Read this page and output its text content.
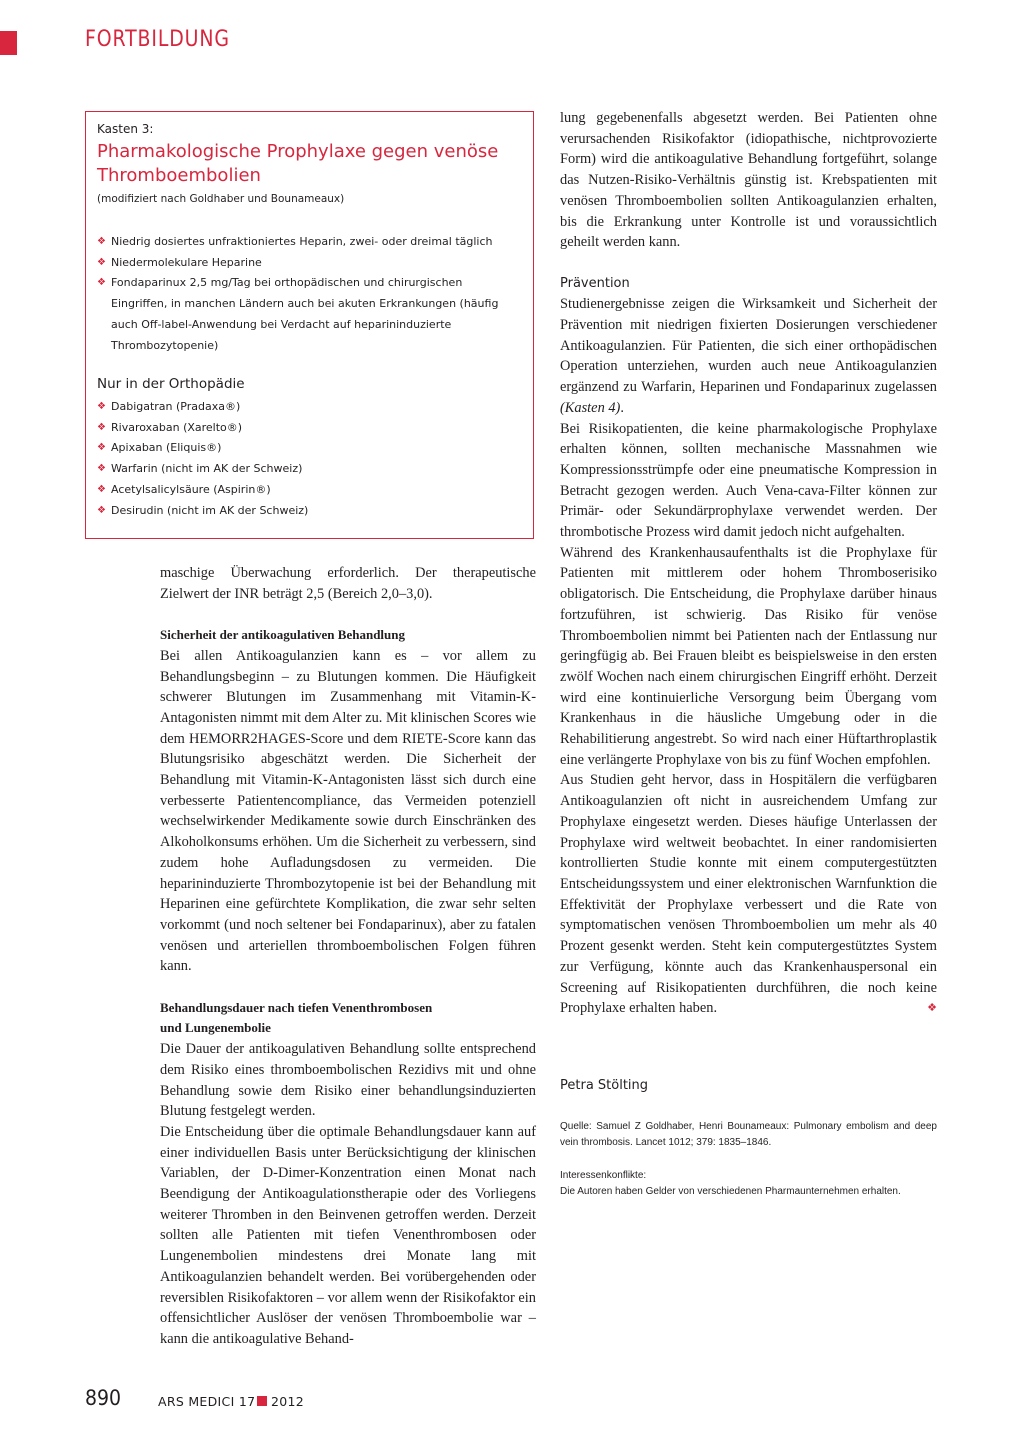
FORTBILDUNG
Kasten 3:
Pharmakologische Prophylaxe gegen venöse Thromboembolien
(modifiziert nach Goldhaber und Bounameaux)
❖ Niedrig dosiertes unfraktioniertes Heparin, zwei- oder dreimal täglich
❖ Niedermolekulare Heparine
❖ Fondaparinux 2,5 mg/Tag bei orthopädischen und chirurgischen Eingriffen, in manchen Ländern auch bei akuten Erkrankungen (häufig auch Off-label-Anwendung bei Verdacht auf heparininduzierte Thrombozytopenie)
Nur in der Orthopädie
❖ Dabigatran (Pradaxa®)
❖ Rivaroxaban (Xarelto®)
❖ Apixaban (Eliquis®)
❖ Warfarin (nicht im AK der Schweiz)
❖ Acetylsalicylsäure (Aspirin®)
❖ Desirudin (nicht im AK der Schweiz)

maschige Überwachung erforderlich. Der therapeutische Zielwert der INR beträgt 2,5 (Bereich 2,0–3,0).

Sicherheit der antikoagulativen Behandlung

Bei allen Antikoagulanzien kann es – vor allem zu Behandlungsbeginn – zu Blutungen kommen. Die Häufigkeit schwerer Blutungen im Zusammenhang mit Vitamin-K-Antagonisten nimmt mit dem Alter zu. Mit klinischen Scores wie dem HEMORR2HAGES-Score und dem RIETE-Score kann das Blutungsrisiko abgeschätzt werden. Die Sicherheit der Behandlung mit Vitamin-K-Antagonisten lässt sich durch eine verbesserte Patientencompliance, das Vermeiden potenziell wechselwirkender Medikamente sowie durch Einschränken des Alkoholkonsums erhöhen. Um die Sicherheit zu verbessern, sind zudem hohe Aufladungsdosen zu vermeiden. Die heparininduzierte Thrombozytopenie ist bei der Behandlung mit Heparinen eine gefürchtete Komplikation, die zwar sehr selten vorkommt (und noch seltener bei Fondaparinux), aber zu fatalen venösen und arteriellen thromboembolischen Folgen führen kann.

Behandlungsdauer nach tiefen Venenthrombosen

und Lungenembolie

Die Dauer der antikoagulativen Behandlung sollte entsprechend dem Risiko eines thromboembolischen Rezidivs mit und ohne Behandlung sowie dem Risiko einer behandlungsinduzierten Blutung festgelegt werden.

Die Entscheidung über die optimale Behandlungsdauer kann auf einer individuellen Basis unter Berücksichtigung der klinischen Variablen, der D-Dimer-Konzentration einen Monat nach Beendigung der Antikoagulationstherapie oder des Vorliegens weiterer Thromben in den Beinvenen getroffen werden. Derzeit sollten alle Patienten mit tiefen Venenthrombosen oder Lungenembolien mindestens drei Monate lang mit Antikoagulanzien behandelt werden. Bei vorübergehenden oder reversiblen Risikofaktoren – vor allem wenn der Risikofaktor ein offensichtlicher Auslöser der venösen Thromboembolie war – kann die antikoagulative Behand-

lung gegebenenfalls abgesetzt werden. Bei Patienten ohne verursachenden Risikofaktor (idiopathische, nichtprovozierte Form) wird die antikoagulative Behandlung fortgeführt, solange das Nutzen-Risiko-Verhältnis günstig ist. Krebspatienten mit venösen Thromboembolien sollten Antikoagulanzien erhalten, bis die Erkrankung unter Kontrolle ist und voraussichtlich geheilt werden kann.

Prävention

Studienergebnisse zeigen die Wirksamkeit und Sicherheit der Prävention mit niedrigen fixierten Dosierungen verschiedener Antikoagulanzien. Für Patienten, die sich einer orthopädischen Operation unterziehen, wurden auch neue Antikoagulanzien ergänzend zu Warfarin, Heparinen und Fondaparinux zugelassen (Kasten 4).

Bei Risikopatienten, die keine pharmakologische Prophylaxe erhalten können, sollten mechanische Massnahmen wie Kompressionsstrümpfe oder eine pneumatische Kompression in Betracht gezogen werden. Auch Vena-cava-Filter können zur Primär- oder Sekundärprophylaxe verwendet werden. Der thrombotische Prozess wird damit jedoch nicht aufgehalten.

Während des Krankenhausaufenthalts ist die Prophylaxe für Patienten mit mittlerem oder hohem Thromboserisiko obligatorisch. Die Entscheidung, die Prophylaxe darüber hinaus fortzuführen, ist schwierig. Das Risiko für venöse Thromboembolien nimmt bei Patienten nach der Entlassung nur geringfügig ab. Bei Frauen bleibt es beispielsweise in den ersten zwölf Wochen nach einem chirurgischen Eingriff erhöht. Derzeit wird eine kontinuierliche Versorgung beim Übergang vom Krankenhaus in die häusliche Umgebung oder in die Rehabilitierung angestrebt. So wird nach einer Hüftarthroplastik eine verlängerte Prophylaxe von bis zu fünf Wochen empfohlen.

Aus Studien geht hervor, dass in Hospitälern die verfügbaren Antikoagulanzien oft nicht in ausreichendem Umfang zur Prophylaxe eingesetzt werden. Dieses häufige Unterlassen der Prophylaxe wird weltweit beobachtet. In einer randomisierten kontrollierten Studie konnte mit einem computergestützten Entscheidungssystem und einer elektronischen Warnfunktion die Effektivität der Prophylaxe verbessert und die Rate von symptomatischen venösen Thromboembolien um mehr als 40 Prozent gesenkt werden. Steht kein computergestütztes System zur Verfügung, könnte auch das Krankenhauspersonal ein Screening auf Risikopatienten durchführen, die noch keine Prophylaxe erhalten haben.	❖

Petra Stölting
Quelle: Samuel Z Goldhaber, Henri Bounameaux: Pulmonary embolism and deep vein thrombosis. Lancet 1012; 379: 1835–1846.
Interessenkonflikte:
Die Autoren haben Gelder von verschiedenen Pharmaunternehmen erhalten.
890	ARS MEDICI 17 2012
